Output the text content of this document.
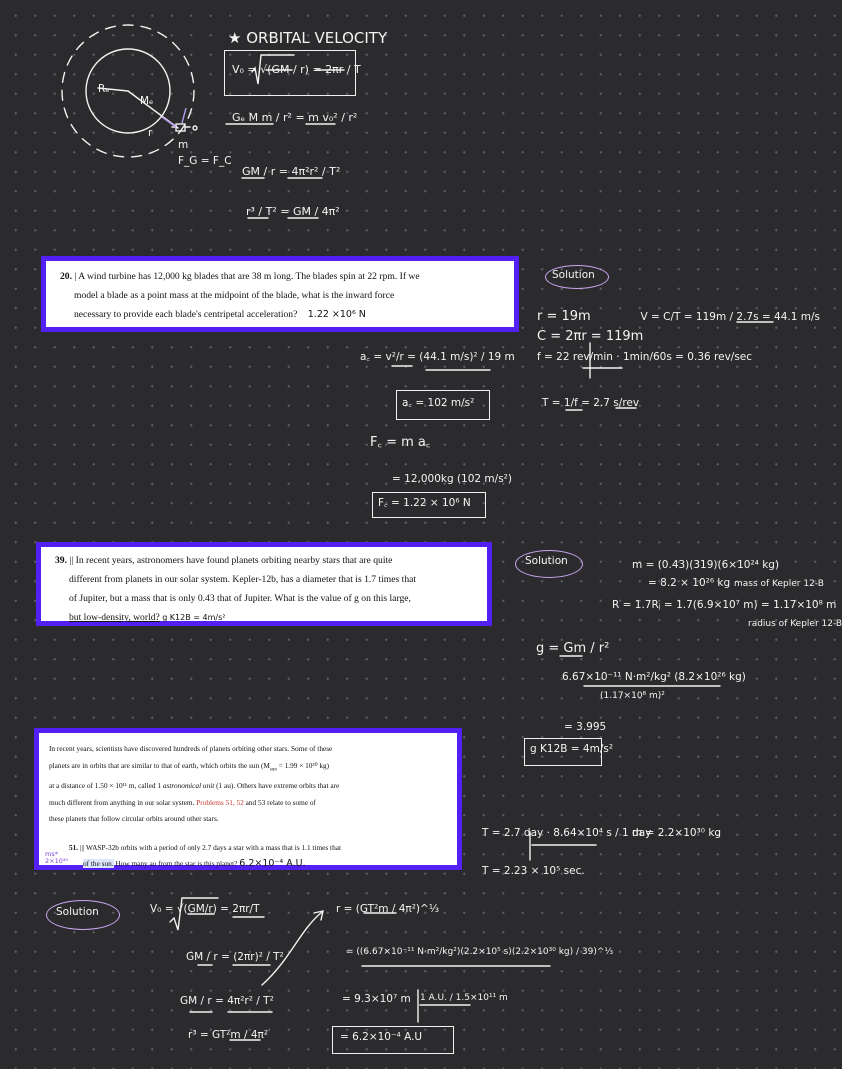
★ ORBITAL VELOCITY
Rₑ
Mₑ
r
m
F_G = F_C
V₀ = √(GM / r) = 2πr / T
Gₑ M m / r² = m v₀² / r²
GM / r = 4π²r² / T²
r³ / T² = GM / 4π²

20. | A wind turbine has 12,000 kg blades that are 38 m long. The blades spin at 22 rpm. If we

model a blade as a point mass at the midpoint of the blade, what is the inward force

necessary to provide each blade's centripetal acceleration? 1.22 ×10⁶ N

Solution
r = 19m
C = 2πr = 119m
f = 22 rev/min · 1min/60s = 0.36 rev/sec
T = 1/f = 2.7 s/rev
V = C/T = 119m / 2.7s = 44.1 m/s
a꜀ = v²/r = (44.1 m/s)² / 19 m
a꜀ = 102 m/s²
F꜀ = m a꜀
= 12,000kg (102 m/s²)
F꜀ = 1.22 × 10⁶ N

39. || In recent years, astronomers have found planets orbiting nearby stars that are quite

different from planets in our solar system. Kepler-12b, has a diameter that is 1.7 times that

of Jupiter, but a mass that is only 0.43 that of Jupiter. What is the value of g on this large,

but low-density, world? g K12B = 4m/s²

Solution	m = (0.43)(319)(6×10²⁴ kg)
= 8.2 × 10²⁶ kg mass of Kepler 12-B
R = 1.7Rⱼ = 1.7(6.9×10⁷ m) = 1.17×10⁸ m
radius of Kepler 12-B
g = Gm / r²
6.67×10⁻¹¹ N·m²/kg² (8.2×10²⁶ kg)
(1.17×10⁸ m)²
= 3.995
g K12B = 4m/s²

In recent years, scientists have discovered hundreds of planets orbiting other stars. Some of these

planets are in orbits that are similar to that of earth, which orbits the sun ($M_{sun} = 1.99 \times 10^{30}$ kg)

at a distance of 1.50 × 10¹¹ m, called 1 astronomical unit (1 au). Others have extreme orbits that are

much different from anything in our solar system. Problems 51, 52 and 53 relate to some of

these planets that follow circular orbits around other stars.

51. ||| WASP-32b orbits with a period of only 2.7 days a star with a mass that is 1.1 times that

of the sun. How many au from the star is this planet? 6.2×10⁻⁴ A.U.

ms* 2×10³⁰
T = 2.7 day · 8.64×10⁴ s / 1 day
T = 2.23 × 10⁵ sec.
m = 2.2×10³⁰ kg
Solution	V₀ = √(GM/r) = 2πr/T
GM / r = (2πr)² / T²
GM / r = 4π²r² / T²
r³ = GT²m / 4π²
r = (GT²m / 4π²)^⅓
= ((6.67×10⁻¹¹ N·m²/kg²)(2.2×10⁵ s)(2.2×10³⁰ kg) / 39)^⅓
= 9.3×10⁷ m 1 A.U. / 1.5×10¹¹ m
= 6.2×10⁻⁴ A.U
